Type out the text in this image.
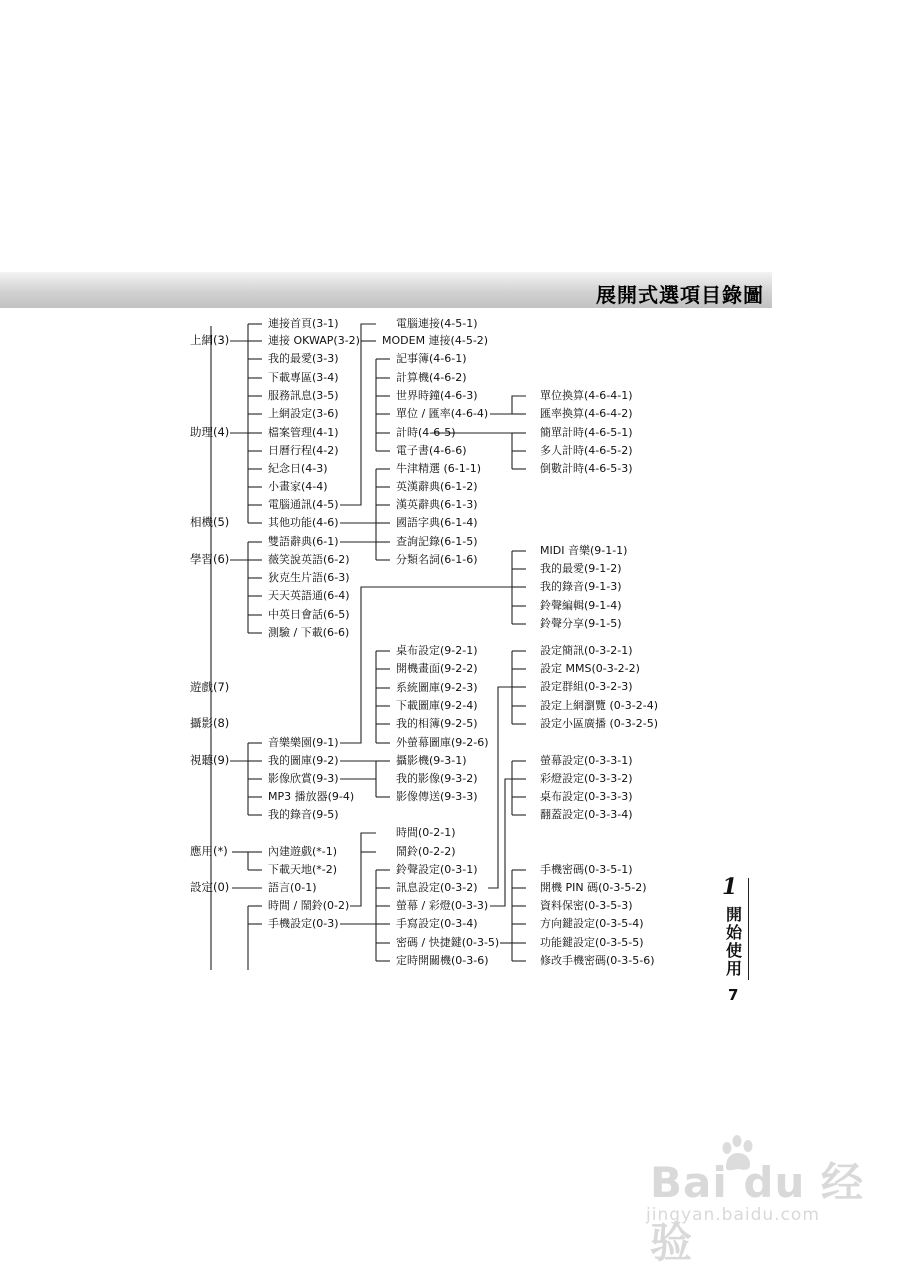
展開式選項目錄圖
上網(3)
助理(4)
相機(5)
學習(6)
遊戲(7)
攝影(8)
視聽(9)
應用(*)
設定(0)
連接首頁(3-1)
連接 OKWAP(3-2)
我的最愛(3-3)
下載專區(3-4)
服務訊息(3-5)
上網設定(3-6)
檔案管理(4-1)
日曆行程(4-2)
紀念日(4-3)
小畫家(4-4)
電腦通訊(4-5)
其他功能(4-6)
雙語辭典(6-1)
薇笑說英語(6-2)
狄克生片語(6-3)
天天英語通(6-4)
中英日會話(6-5)
測驗 / 下載(6-6)
音樂樂園(9-1)
我的圖庫(9-2)
影像欣賞(9-3)
MP3 播放器(9-4)
我的錄音(9-5)
內建遊戲(*-1)
下載天地(*-2)
語言(0-1)
時間 / 鬧鈴(0-2)
手機設定(0-3)
電腦連接(4-5-1)
MODEM 連接(4-5-2)
記事簿(4-6-1)
計算機(4-6-2)
世界時鐘(4-6-3)
單位 / 匯率(4-6-4)
計時(4-6-5)
電子書(4-6-6)
牛津精選 (6-1-1)
英漢辭典(6-1-2)
漢英辭典(6-1-3)
國語字典(6-1-4)
查詢記錄(6-1-5)
分類名詞(6-1-6)
桌布設定(9-2-1)
開機畫面(9-2-2)
系統圖庫(9-2-3)
下載圖庫(9-2-4)
我的相簿(9-2-5)
外螢幕圖庫(9-2-6)
攝影機(9-3-1)
我的影像(9-3-2)
影像傳送(9-3-3)
時間(0-2-1)
鬧鈴(0-2-2)
鈴聲設定(0-3-1)
訊息設定(0-3-2)
螢幕 / 彩燈(0-3-3)
手寫設定(0-3-4)
密碼 / 快捷鍵(0-3-5)
定時開關機(0-3-6)
單位換算(4-6-4-1)
匯率換算(4-6-4-2)
簡單計時(4-6-5-1)
多人計時(4-6-5-2)
倒數計時(4-6-5-3)
MIDI 音樂(9-1-1)
我的最愛(9-1-2)
我的錄音(9-1-3)
鈴聲編輯(9-1-4)
鈴聲分享(9-1-5)
設定簡訊(0-3-2-1)
設定 MMS(0-3-2-2)
設定群組(0-3-2-3)
設定上網瀏覽 (0-3-2-4)
設定小區廣播 (0-3-2-5)
螢幕設定(0-3-3-1)
彩燈設定(0-3-3-2)
桌布設定(0-3-3-3)
翻蓋設定(0-3-3-4)
手機密碼(0-3-5-1)
開機 PIN 碼(0-3-5-2)
資料保密(0-3-5-3)
方向鍵設定(0-3-5-4)
功能鍵設定(0-3-5-5)
修改手機密碼(0-3-5-6)
1
開始使用
7
Bai du 经验
jingyan.baidu.com
